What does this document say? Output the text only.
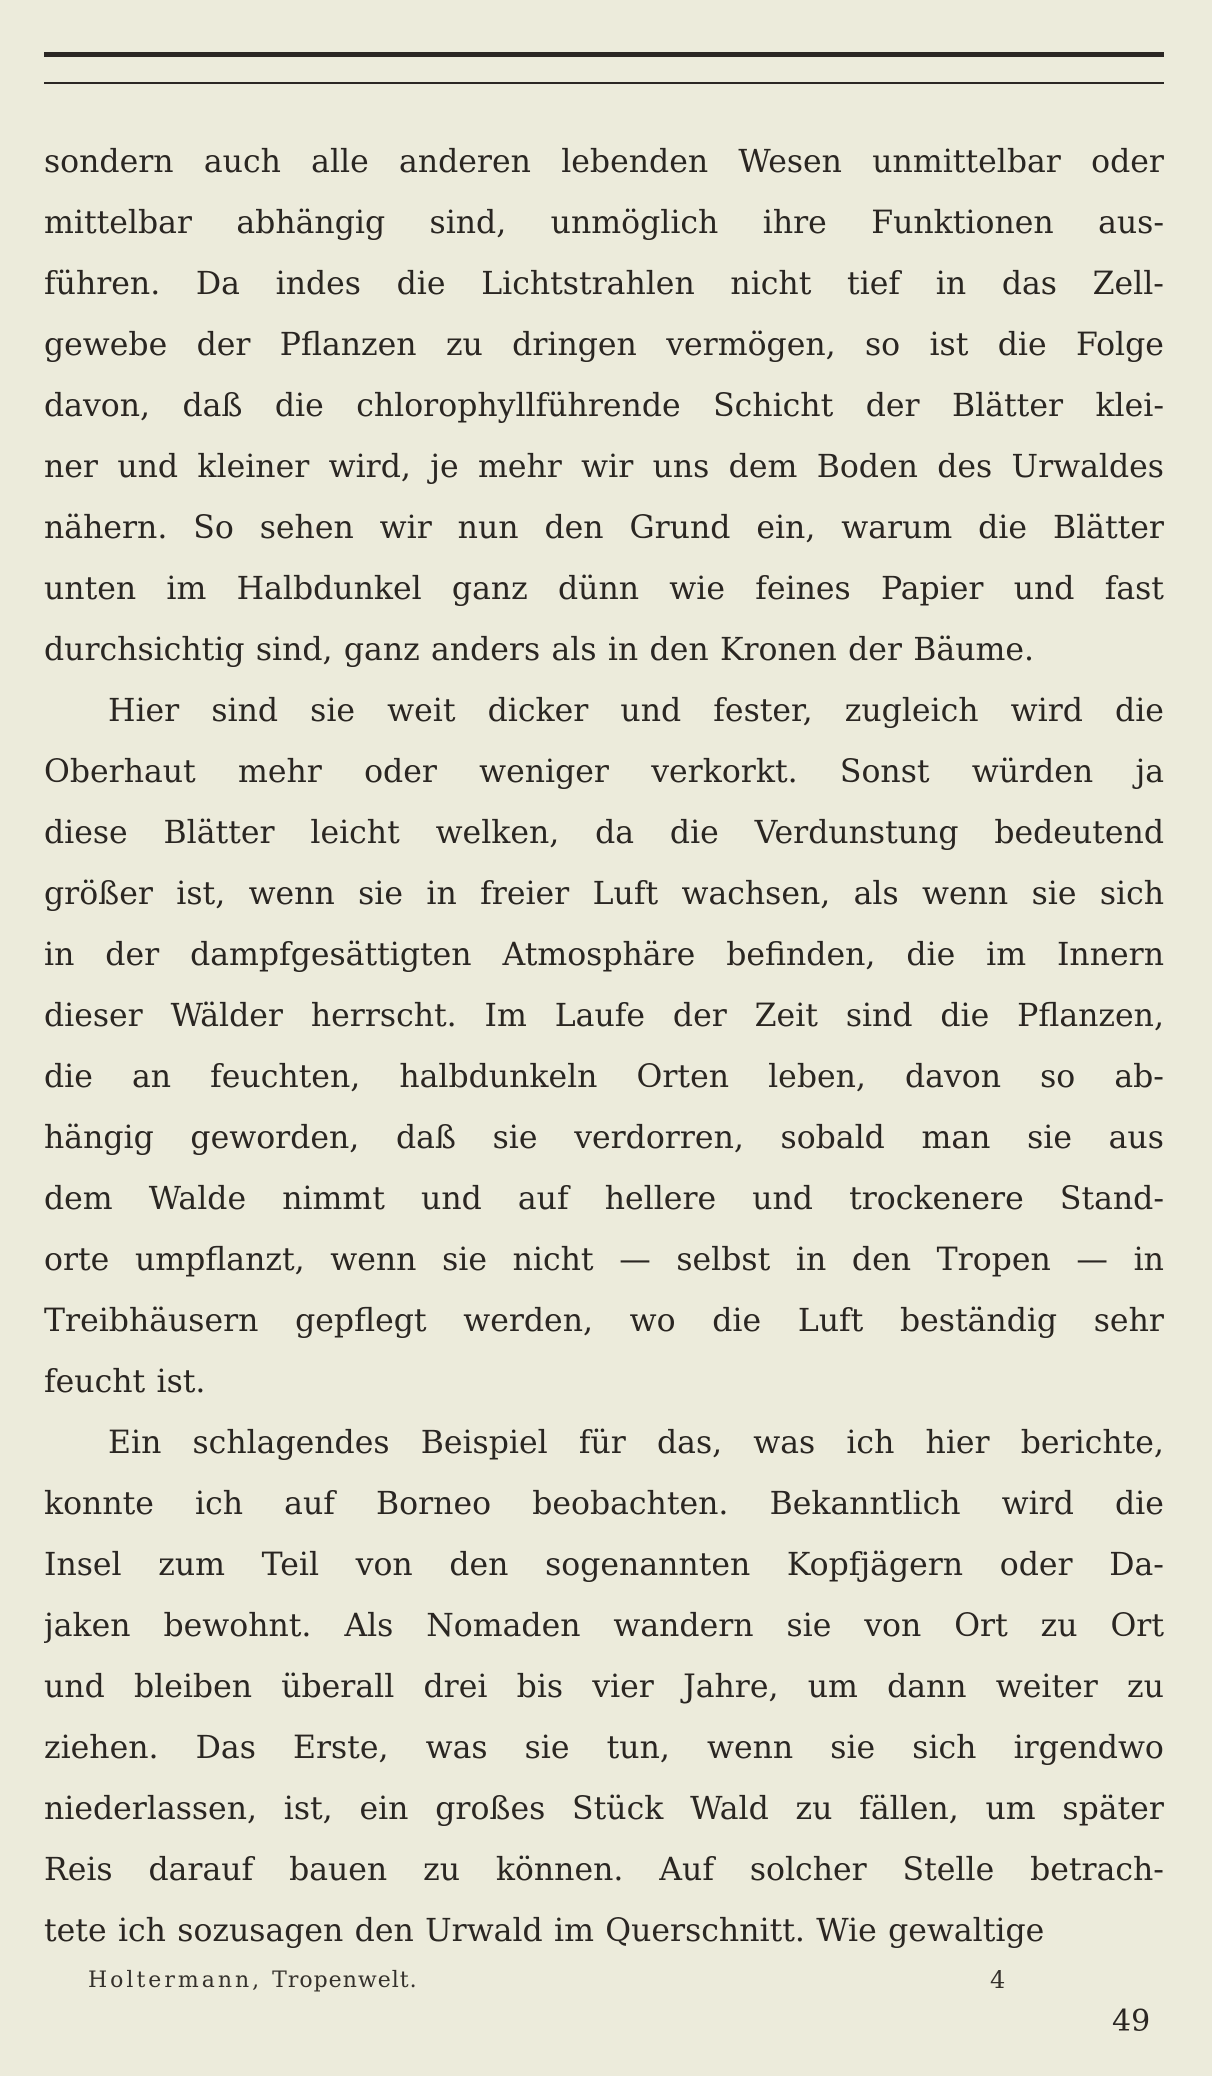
sondern auch alle anderen lebenden Wesen unmittelbar oder
mittelbar abhängig sind, unmöglich ihre Funktionen aus-
führen. Da indes die Lichtstrahlen nicht tief in das Zell-
gewebe der Pflanzen zu dringen vermögen, so ist die Folge
davon, daß die chlorophyllführende Schicht der Blätter klei-
ner und kleiner wird, je mehr wir uns dem Boden des Urwaldes
nähern. So sehen wir nun den Grund ein, warum die Blätter
unten im Halbdunkel ganz dünn wie feines Papier und fast
durchsichtig sind, ganz anders als in den Kronen der Bäume.
Hier sind sie weit dicker und fester, zugleich wird die
Oberhaut mehr oder weniger verkorkt. Sonst würden ja
diese Blätter leicht welken, da die Verdunstung bedeutend
größer ist, wenn sie in freier Luft wachsen, als wenn sie sich
in der dampfgesättigten Atmosphäre befinden, die im Innern
dieser Wälder herrscht. Im Laufe der Zeit sind die Pflanzen,
die an feuchten, halbdunkeln Orten leben, davon so ab-
hängig geworden, daß sie verdorren, sobald man sie aus
dem Walde nimmt und auf hellere und trockenere Stand-
orte umpflanzt, wenn sie nicht — selbst in den Tropen — in
Treibhäusern gepflegt werden, wo die Luft beständig sehr
feucht ist.
Ein schlagendes Beispiel für das, was ich hier berichte,
konnte ich auf Borneo beobachten. Bekanntlich wird die
Insel zum Teil von den sogenannten Kopfjägern oder Da-
jaken bewohnt. Als Nomaden wandern sie von Ort zu Ort
und bleiben überall drei bis vier Jahre, um dann weiter zu
ziehen. Das Erste, was sie tun, wenn sie sich irgendwo
niederlassen, ist, ein großes Stück Wald zu fällen, um später
Reis darauf bauen zu können. Auf solcher Stelle betrach-
tete ich sozusagen den Urwald im Querschnitt. Wie gewaltige
Holtermann, Tropenwelt.	4
49
